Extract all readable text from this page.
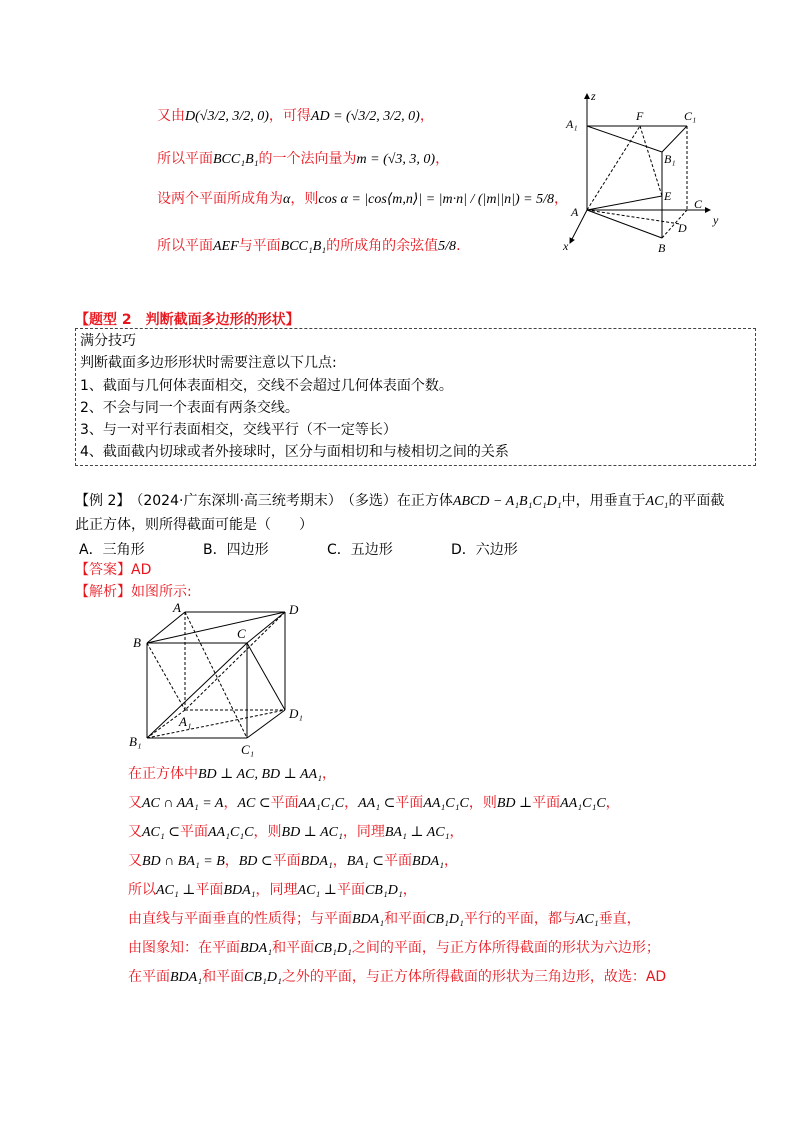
又由D(√3/2, 3/2, 0)，可得AD = (√3/2, 3/2, 0)，
所以平面BCC₁B₁的一个法向量为m = (√3, 3, 0)，
设两个平面所成角为α，则cos α = |cos⟨m,n⟩| = |m·n| / (|m||n|) = 5/8，
所以平面AEF与平面BCC₁B₁的所成角的余弦值5/8.
z
A₁
F	C₁
B₁
E
A
C
y
D
x	B
【题型 2　判断截面多边形的形状】
满分技巧
判断截面多边形形状时需要注意以下几点:
1、截面与几何体表面相交，交线不会超过几何体表面个数。
2、不会与同一个表面有两条交线。
3、与一对平行表面相交，交线平行（不一定等长）
4、截面截内切球或者外接球时，区分与面相切和与棱相切之间的关系
【例 2】 （2024·广东深圳·高三统考期末） （多选）在正方体ABCD − A₁B₁C₁D₁中，用垂直于AC₁的平面截
此正方体，则所得截面可能是（　　）
A．三角形	B．四边形	C．五边形	D．六边形
【答案】AD
【解析】如图所示:
A	D
B
C
A₁
D₁
B₁
C₁
在正方体中BD ⊥ AC, BD ⊥ AA₁，
又AC ∩ AA₁ = A，AC ⊂平面AA₁C₁C，AA₁ ⊂平面AA₁C₁C，则BD ⊥平面AA₁C₁C，
又AC₁ ⊂平面AA₁C₁C，则BD ⊥ AC₁，同理BA₁ ⊥ AC₁，
又BD ∩ BA₁ = B，BD ⊂平面BDA₁，BA₁ ⊂平面BDA₁，
所以AC₁ ⊥平面BDA₁，同理AC₁ ⊥平面CB₁D₁，
由直线与平面垂直的性质得；与平面BDA₁和平面CB₁D₁平行的平面，都与AC₁垂直，
由图象知：在平面BDA₁和平面CB₁D₁之间的平面，与正方体所得截面的形状为六边形；
在平面BDA₁和平面CB₁D₁之外的平面，与正方体所得截面的形状为三角边形，故选：AD
